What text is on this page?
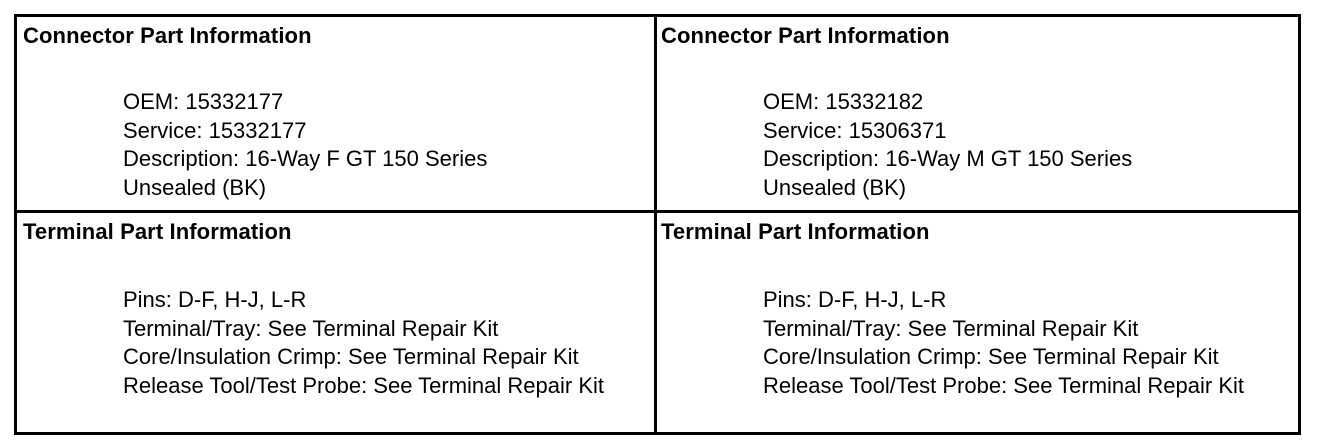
Connector Part Information
OEM: 15332177
Service: 15332177
Description: 16-Way F GT 150 Series
Unsealed (BK)
Connector Part Information
OEM: 15332182
Service: 15306371
Description: 16-Way M GT 150 Series
Unsealed (BK)
Terminal Part Information
Pins: D-F, H-J, L-R
Terminal/Tray: See Terminal Repair Kit
Core/Insulation Crimp: See Terminal Repair Kit
Release Tool/Test Probe: See Terminal Repair Kit
Terminal Part Information
Pins: D-F, H-J, L-R
Terminal/Tray: See Terminal Repair Kit
Core/Insulation Crimp: See Terminal Repair Kit
Release Tool/Test Probe: See Terminal Repair Kit
